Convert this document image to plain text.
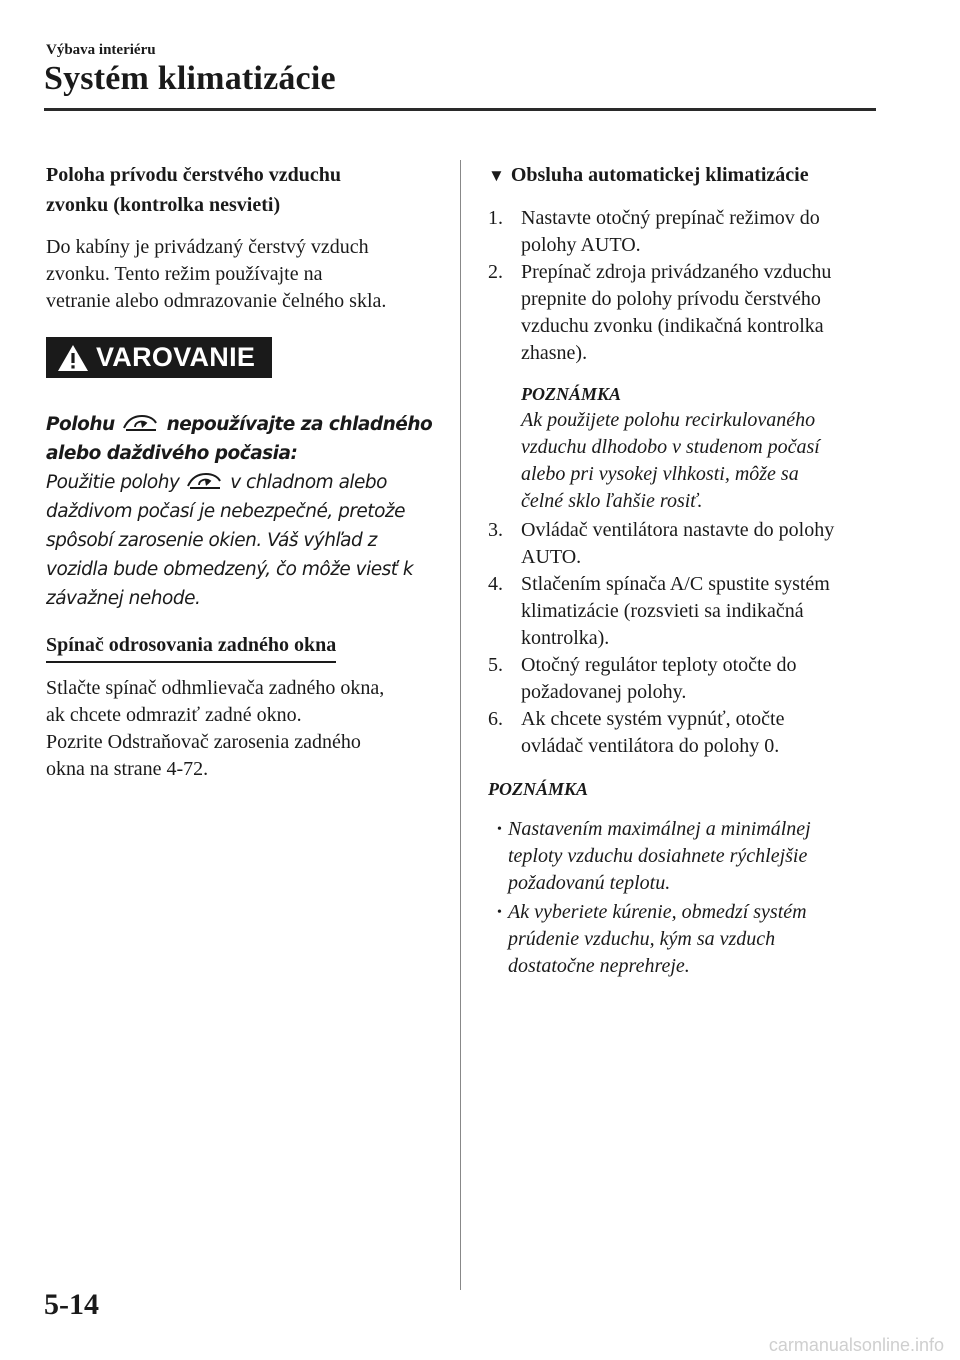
Výbava interiéru
Systém klimatizácie

Poloha prívodu čerstvého vzduchu

zvonku (kontrolka nesvieti)

Do kabíny je privádzaný čerstvý vzduch

zvonku. Tento režim používajte na

vetranie alebo odmrazovanie čelného skla.

VAROVANIE

Polohu	nepoužívajte za chladného

alebo daždivého počasia:

Použitie polohy	v chladnom alebo

daždivom počasí je nebezpečné, pretože

spôsobí zarosenie okien. Váš výhľad z

vozidla bude obmedzený, čo môže viesť k

závažnej nehode.

Spínač odrosovania zadného okna

Stlačte spínač odhmlievača zadného okna,

ak chcete odmraziť zadné okno.

Pozrite Odstraňovač zarosenia zadného

okna na strane 4-72.

▼ Obsluha automatickej klimatizácie

1. Nastavte otočný prepínač režimov do
polohy AUTO.
2. Prepínač zdroja privádzaného vzduchu
prepnite do polohy prívodu čerstvého
vzduchu zvonku (indikačná kontrolka
zhasne).

POZNÁMKA

Ak použijete polohu recirkulovaného

vzduchu dlhodobo v studenom počasí

alebo pri vysokej vlhkosti, môže sa

čelné sklo ľahšie rosiť.

3. Ovládač ventilátora nastavte do polohy
AUTO.
4. Stlačením spínača A/C spustite systém
klimatizácie (rozsvieti sa indikačná
kontrolka).
5. Otočný regulátor teploty otočte do
požadovanej polohy.
6. Ak chcete systém vypnúť, otočte
ovládač ventilátora do polohy 0.

POZNÁMKA

• Nastavením maximálnej a minimálnej
teploty vzduchu dosiahnete rýchlejšie
požadovanú teplotu.
• Ak vyberiete kúrenie, obmedzí systém
prúdenie vzduchu, kým sa vzduch
dostatočne neprehreje.
5-14
carmanualsonline.info
